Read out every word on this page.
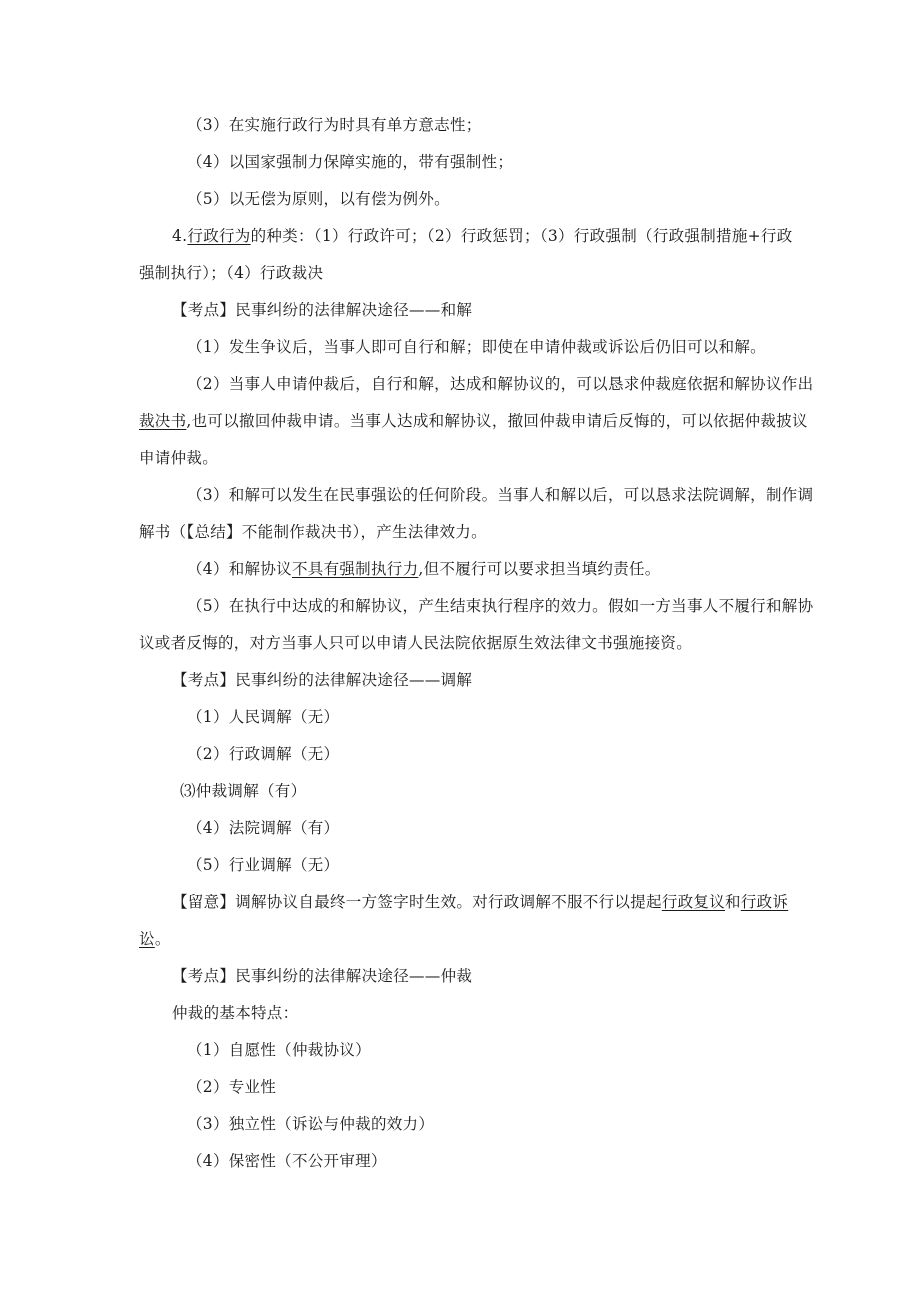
（3）在实施行政行为时具有单方意志性；
（4）以国家强制力保障实施的，带有强制性；
（5）以无偿为原则，以有偿为例外。
4.行政行为的种类：（1）行政许可；（2）行政惩罚；（3）行政强制（行政强制措施+行政
强制执行）；（4）行政裁决
【考点】民事纠纷的法律解决途径——和解
（1）发生争议后，当事人即可自行和解；即使在申请仲裁或诉讼后仍旧可以和解。
（2）当事人申请仲裁后，自行和解，达成和解协议的，可以恳求仲裁庭依据和解协议作出
裁决书,也可以撤回仲裁申请。当事人达成和解协议，撤回仲裁申请后反悔的，可以依据仲裁披议
申请仲裁。
（3）和解可以发生在民事强讼的任何阶段。当事人和解以后，可以恳求法院调解，制作调
解书（【总结】不能制作裁决书），产生法律效力。
（4）和解协议不具有强制执行力,但不履行可以要求担当填约责任。
（5）在执行中达成的和解协议，产生结束执行程序的效力。假如一方当事人不履行和解协
议或者反悔的，对方当事人只可以申请人民法院依据原生效法律文书强施接资。
【考点】民事纠纷的法律解决途径——调解
（1）人民调解（无）
（2）行政调解（无）
⑶仲裁调解（有）
（4）法院调解（有）
（5）行业调解（无）
【留意】调解协议自最终一方签字时生效。对行政调解不服不行以提起行政复议和行政诉
讼。
【考点】民事纠纷的法律解决途径——仲裁
仲裁的基本特点：
（1）自愿性（仲裁协议）
（2）专业性
（3）独立性（诉讼与仲裁的效力）
（4）保密性（不公开审理）
